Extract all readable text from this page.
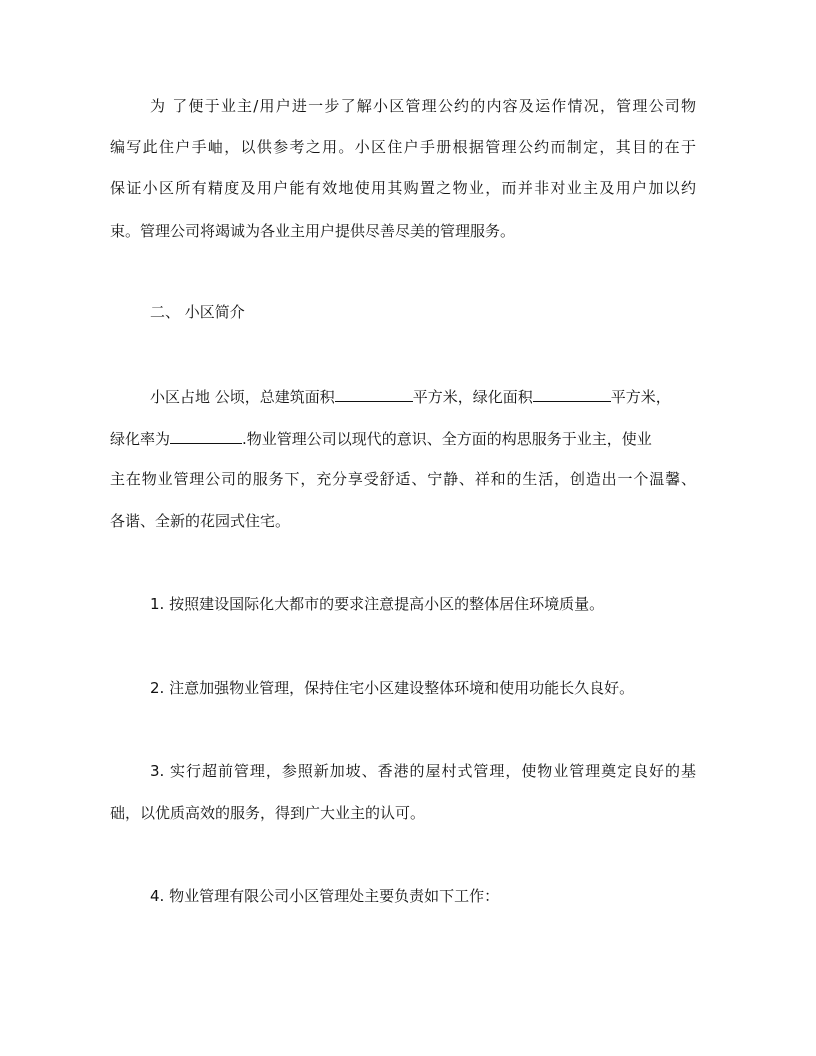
为 了便于业主/用户进一步了解小区管理公约的内容及运作情况，管理公司物
编写此住户手岫，以供参考之用。小区住户手册根据管理公约而制定，其目的在于
保证小区所有精度及用户能有效地使用其购置之物业，而并非对业主及用户加以约
束。管理公司将竭诚为各业主用户提供尽善尽美的管理服务。
二、 小区简介
小区占地 公顷，总建筑面积	平方米，绿化面积	平方米，
绿化率为	.物业管理公司以现代的意识、全方面的构思服务于业主，使业
主在物业管理公司的服务下，充分享受舒适、宁静、祥和的生活，创造出一个温馨、
各谐、全新的花园式住宅。
1. 按照建设国际化大都市的要求注意提高小区的整体居住环境质量。
2. 注意加强物业管理，保持住宅小区建设整体环境和使用功能长久良好。
3. 实行超前管理，参照新加坡、香港的屋村式管理，使物业管理奠定良好的基
础，以优质高效的服务，得到广大业主的认可。
4. 物业管理有限公司小区管理处主要负责如下工作：
